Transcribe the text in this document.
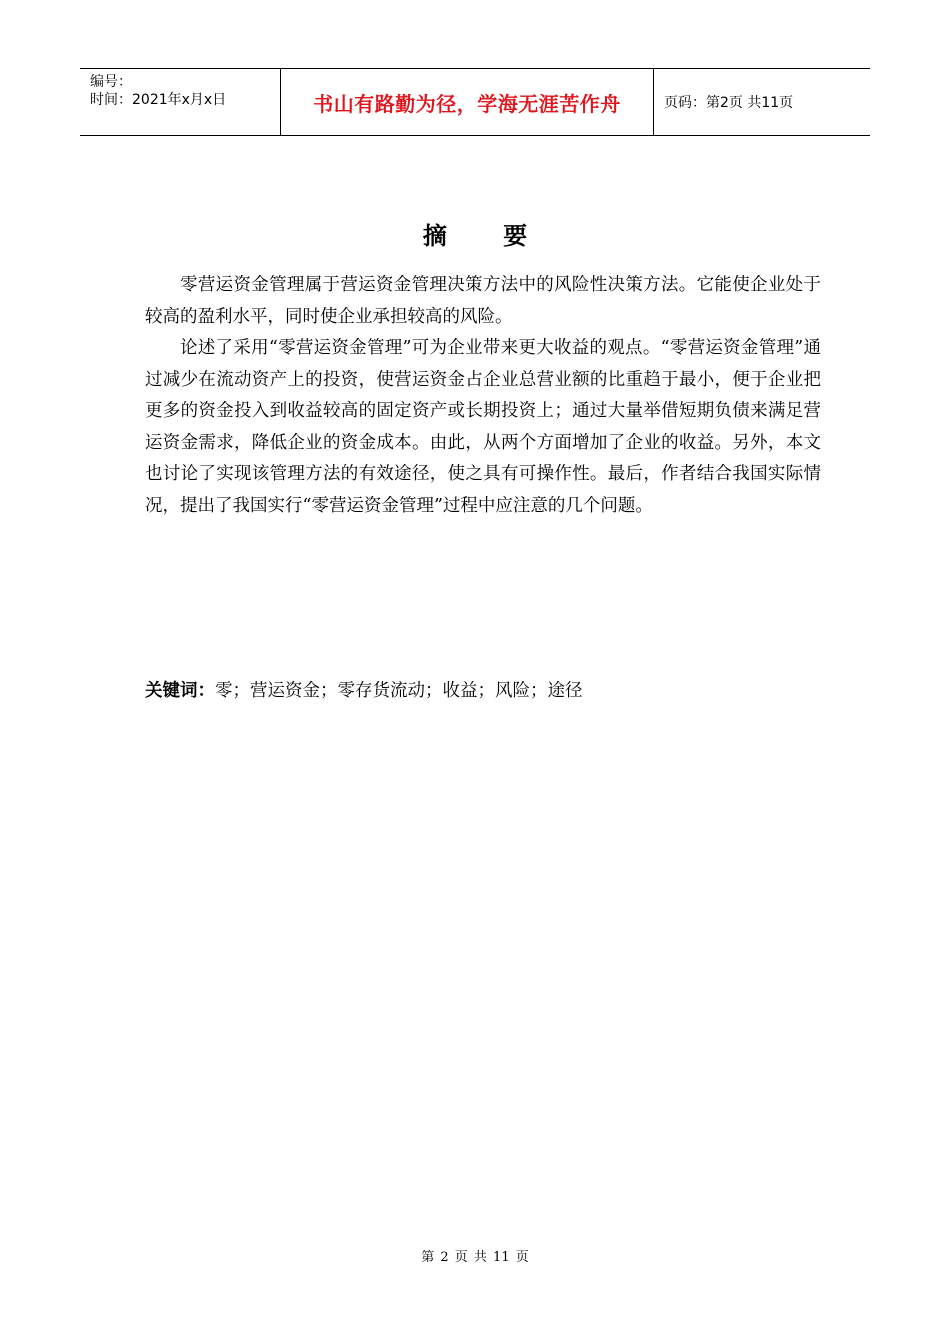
编号：
时间：2021年x月x日	书山有路勤为径，学海无涯苦作舟	页码：第2页 共11页
摘 要

零营运资金管理属于营运资金管理决策方法中的风险性决策方法。它能使企业处于较高的盈利水平，同时使企业承担较高的风险。

论述了采用“零营运资金管理”可为企业带来更大收益的观点。“零营运资金管理”通过减少在流动资产上的投资，使营运资金占企业总营业额的比重趋于最小，便于企业把更多的资金投入到收益较高的固定资产或长期投资上；通过大量举借短期负债来满足营运资金需求，降低企业的资金成本。由此，从两个方面增加了企业的收益。另外，本文也讨论了实现该管理方法的有效途径，使之具有可操作性。最后，作者结合我国实际情况，提出了我国实行“零营运资金管理”过程中应注意的几个问题。

关键词：零；营运资金；零存货流动；收益；风险；途径
第 2 页 共 11 页
